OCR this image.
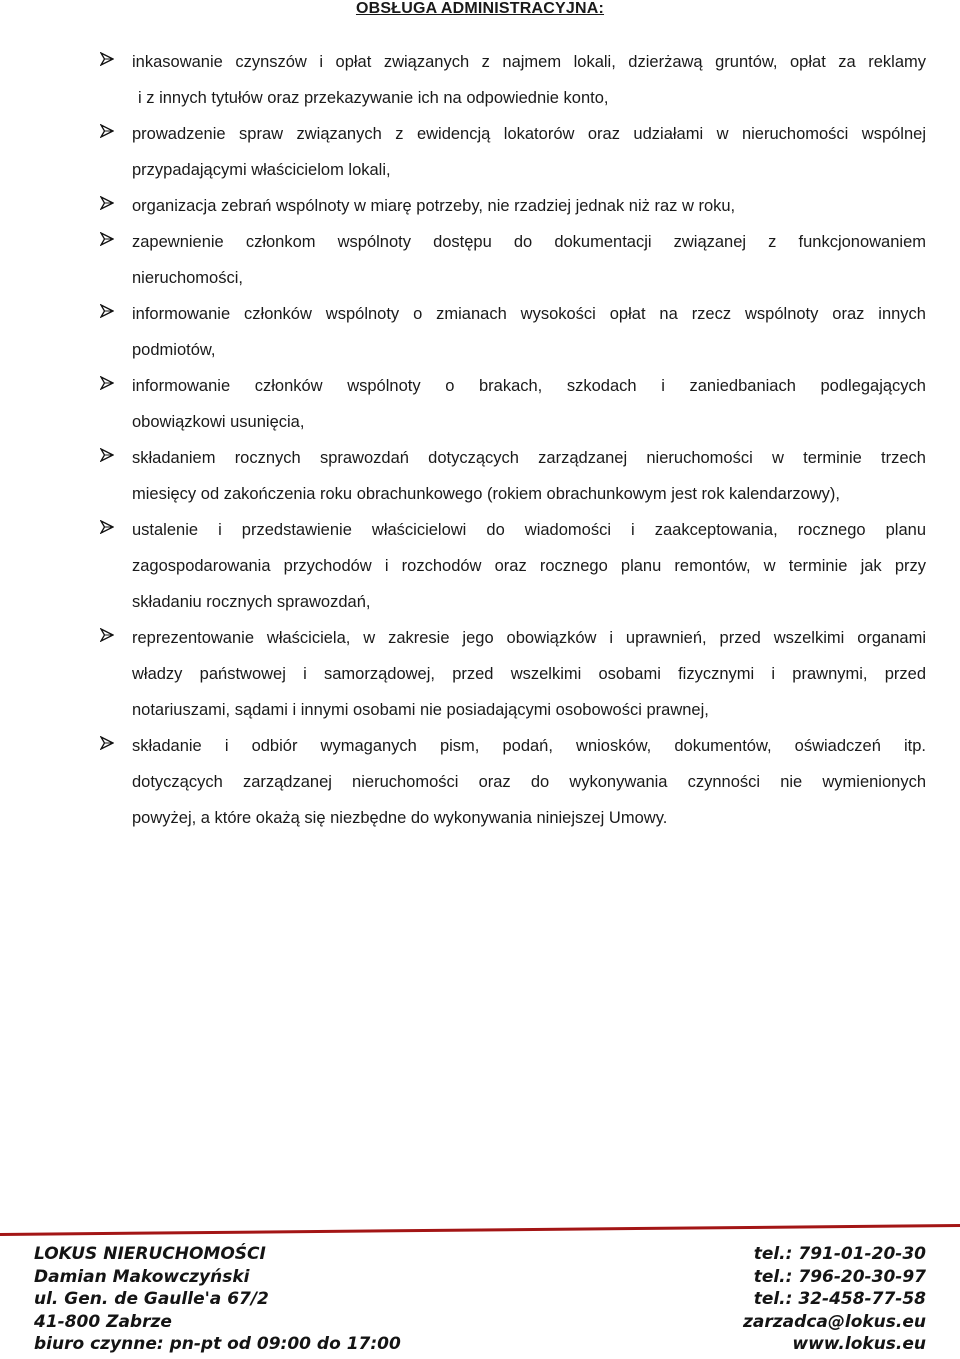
OBSŁUGA ADMINISTRACYJNA:
inkasowanie czynszów i opłat związanych z najmem lokali, dzierżawą gruntów, opłat za reklamy
i z innych tytułów oraz przekazywanie ich na odpowiednie konto,
prowadzenie spraw związanych z ewidencją lokatorów oraz udziałami w nieruchomości wspólnej
przypadającymi właścicielom lokali,
organizacja zebrań wspólnoty w miarę potrzeby, nie rzadziej jednak niż raz w roku,
zapewnienie członkom wspólnoty dostępu do dokumentacji związanej z funkcjonowaniem
nieruchomości,
informowanie członków wspólnoty o zmianach wysokości opłat na rzecz wspólnoty oraz innych
podmiotów,
informowanie członków wspólnoty o brakach, szkodach i zaniedbaniach podlegających
obowiązkowi usunięcia,
składaniem rocznych sprawozdań dotyczących zarządzanej nieruchomości w terminie trzech
miesięcy od zakończenia roku obrachunkowego (rokiem obrachunkowym jest rok kalendarzowy),
ustalenie i przedstawienie właścicielowi do wiadomości i zaakceptowania, rocznego planu
zagospodarowania przychodów i rozchodów oraz rocznego planu remontów, w terminie jak przy
składaniu rocznych sprawozdań,
reprezentowanie właściciela, w zakresie jego obowiązków i uprawnień, przed wszelkimi organami
władzy państwowej i samorządowej, przed wszelkimi osobami fizycznymi i prawnymi, przed
notariuszami, sądami i innymi osobami nie posiadającymi osobowości prawnej,
składanie i odbiór wymaganych pism, podań, wniosków, dokumentów, oświadczeń itp.
dotyczących zarządzanej nieruchomości oraz do wykonywania czynności nie wymienionych
powyżej, a które okażą się niezbędne do wykonywania niniejszej Umowy.
LOKUS NIERUCHOMOŚCI	tel.: 791-01-20-30
Damian Makowczyński	tel.: 796-20-30-97
ul. Gen. de Gaulle'a 67/2	tel.: 32-458-77-58
41-800 Zabrze	zarzadca@lokus.eu
biuro czynne: pn-pt od 09:00 do 17:00	www.lokus.eu
